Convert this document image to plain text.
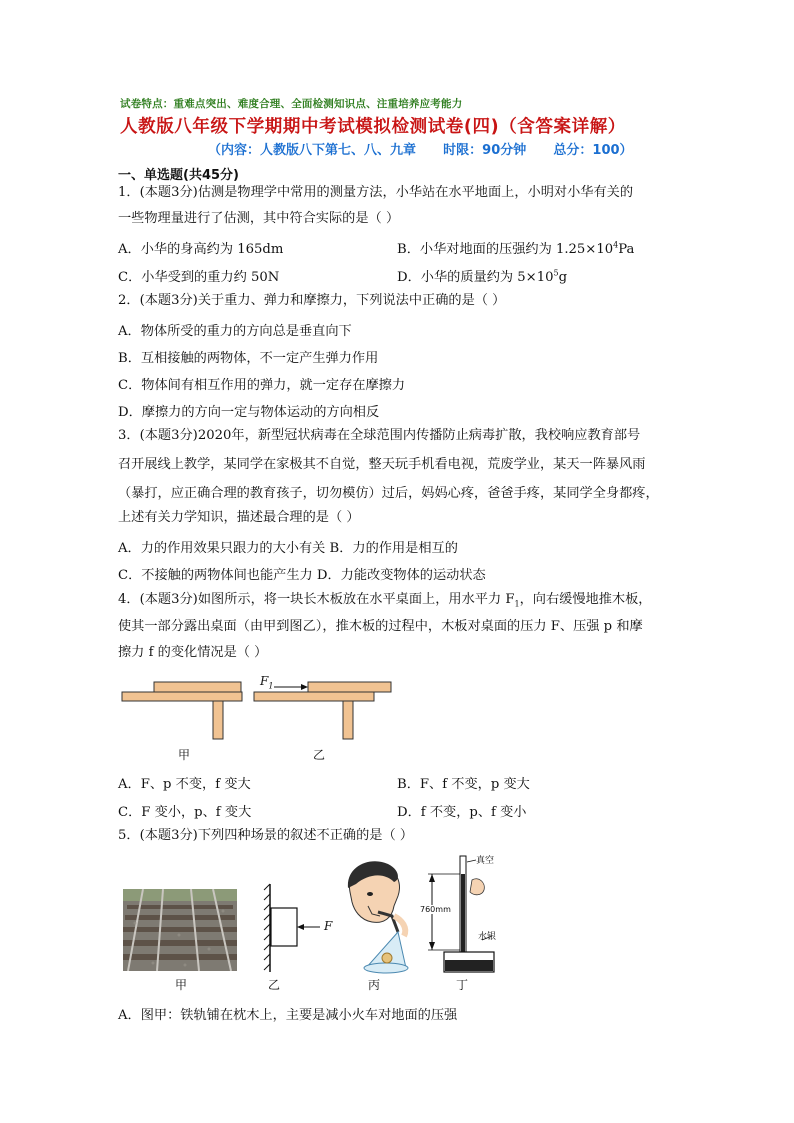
试卷特点：重难点突出、难度合理、全面检测知识点、注重培养应考能力
人教版八年级下学期期中考试模拟检测试卷(四)（含答案详解）
（内容：人教版八下第七、八、九章      时限：90分钟      总分：100）
一、单选题(共45分)
1．(本题3分)估测是物理学中常用的测量方法，小华站在水平地面上，小明对小华有关的
一些物理量进行了估测，其中符合实际的是（ ）
A．小华的身高约为 165dm	B．小华对地面的压强约为 $1.25\times 10^4Pa$
C．小华受到的重力约 50N	D．小华的质量约为 $5\times 10^5g$
2．(本题3分)关于重力、弹力和摩擦力，下列说法中正确的是（ ）
A．物体所受的重力的方向总是垂直向下
B．互相接触的两物体，不一定产生弹力作用
C．物体间有相互作用的弹力，就一定存在摩擦力
D．摩擦力的方向一定与物体运动的方向相反
3．(本题3分)2020年，新型冠状病毒在全球范围内传播防止病毒扩散，我校响应教育部号
召开展线上教学，某同学在家极其不自觉，整天玩手机看电视，荒废学业，某天一阵暴风雨
（暴打，应正确合理的教育孩子，切勿模仿）过后，妈妈心疼，爸爸手疼，某同学全身都疼，
上述有关力学知识，描述最合理的是（ ）
A．力的作用效果只跟力的大小有关 B．力的作用是相互的
C．不接触的两物体间也能产生力 D．力能改变物体的运动状态
4．(本题3分)如图所示，将一块长木板放在水平桌面上，用水平力 $F_1$，向右缓慢地推木板，
使其一部分露出桌面（由甲到图乙），推木板的过程中，木板对桌面的压力 F、压强 p 和摩
擦力 f 的变化情况是（ ）
$F_1$
甲	乙
A．F、p 不变，f 变大	B．F、f 不变，p 变大
C．F 变小，p、f 变大	D．f 不变，p、f 变小
5．(本题3分)下列四种场景的叙述不正确的是（ ）
F
真空
760mm
水银
甲	乙	丙	丁
A．图甲：铁轨铺在枕木上，主要是减小火车对地面的压强
